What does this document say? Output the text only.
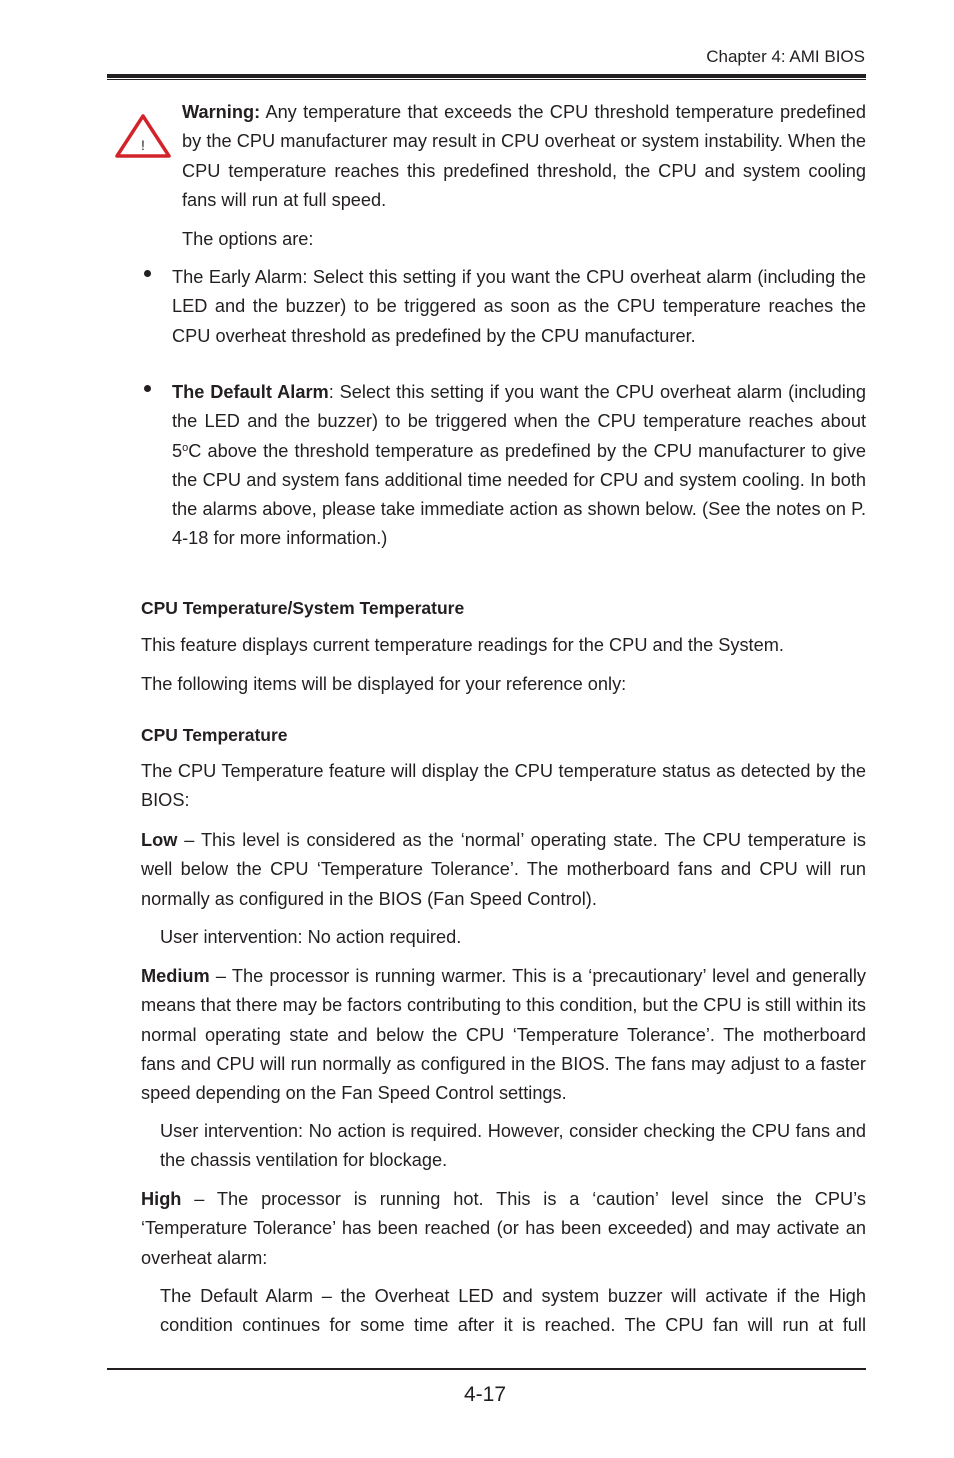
Chapter 4: AMI BIOS
!

Warning: Any temperature that exceeds the CPU threshold temperature predefined by the CPU manufacturer may result in CPU overheat or system instability. When the CPU temperature reaches this predefined threshold, the CPU and system cooling fans will run at full speed.

The options are:

The Early Alarm: Select this setting if you want the CPU overheat alarm (including the LED and the buzzer) to be triggered as soon as the CPU temperature reaches the CPU overheat threshold as predefined by the CPU manufacturer.

The Default Alarm: Select this setting if you want the CPU overheat alarm (including the LED and the buzzer) to be triggered when the CPU temperature reaches about 5$^o$C above the threshold temperature as predefined by the CPU manufacturer to give the CPU and system fans additional time needed for CPU and system cooling. In both the alarms above, please take immediate action as shown below. (See the notes on P. 4-18 for more information.)

CPU Temperature/System Temperature

This feature displays current temperature readings for the CPU and the System.

The following items will be displayed for your reference only:

CPU Temperature

The CPU Temperature feature will display the CPU temperature status as detected by the BIOS:

Low – This level is considered as the ‘normal’ operating state. The CPU temperature is well below the CPU ‘Temperature Tolerance’. The motherboard fans and CPU will run normally as configured in the BIOS (Fan Speed Control).

User intervention: No action required.

Medium – The processor is running warmer. This is a ‘precautionary’ level and generally means that there may be factors contributing to this condition, but the CPU is still within its normal operating state and below the CPU ‘Temperature Tolerance’. The motherboard fans and CPU will run normally as configured in the BIOS. The fans may adjust to a faster speed depending on the Fan Speed Control settings.

User intervention: No action is required. However, consider checking the CPU fans and the chassis ventilation for blockage.

High – The processor is running hot. This is a ‘caution’ level since the CPU’s ‘Temperature Tolerance’ has been reached (or has been exceeded) and may activate an overheat alarm:

The Default Alarm – the Overheat LED and system buzzer will activate if the High condition continues for some time after it is reached. The CPU fan will run at full

4-17
